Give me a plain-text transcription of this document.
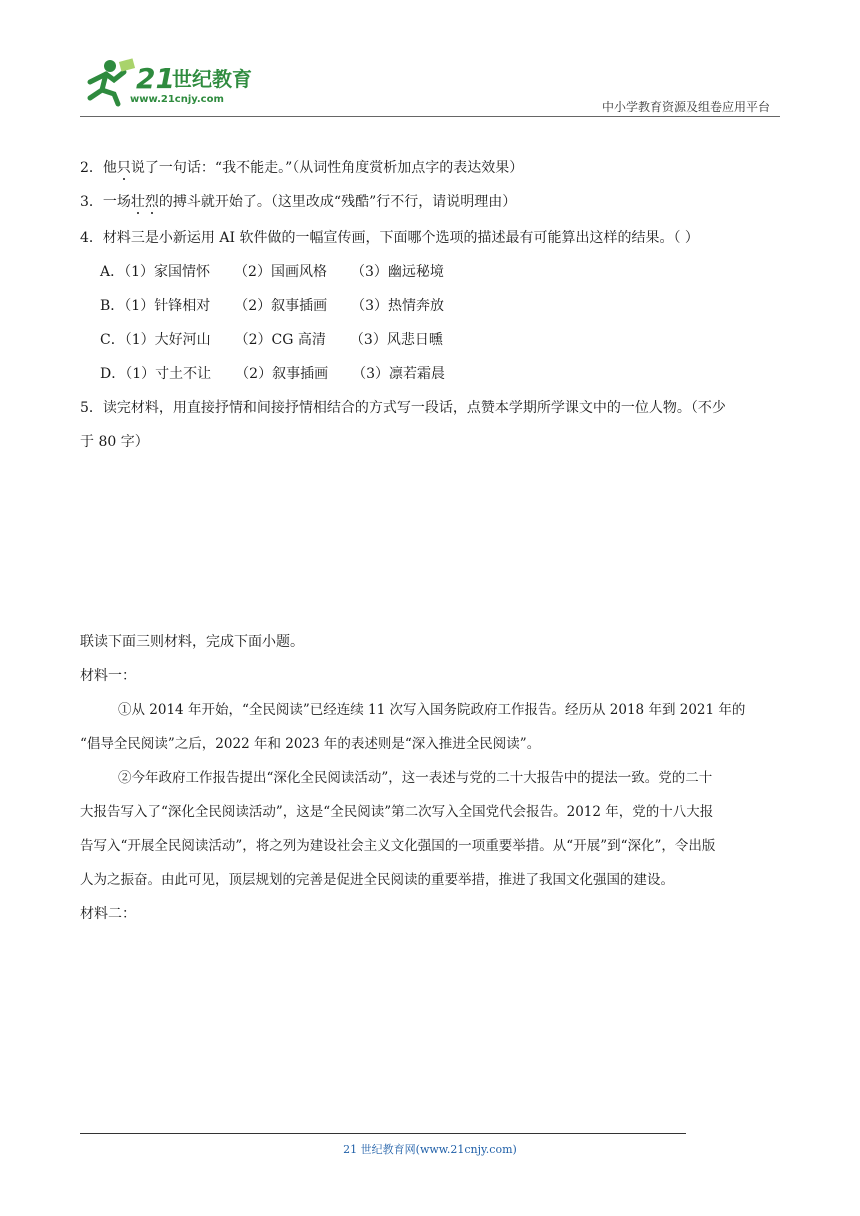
21
世纪教育
www.21cnjy.com
中小学教育资源及组卷应用平台
2．他只说了一句话：“我不能走。”（从词性角度赏析加点字的表达效果）
3．一场壮烈的搏斗就开始了。（这里改成“残酷”行不行，请说明理由）
4．材料三是小新运用 AI 软件做的一幅宣传画，下面哪个选项的描述最有可能算出这样的结果。（ ）
A．（1）家国情怀 （2）国画风格 （3）幽远秘境
B．（1）针锋相对 （2）叙事插画 （3）热情奔放
C．（1）大好河山 （2）CG 高清 （3）风悲日曛
D．（1）寸土不让 （2）叙事插画 （3）凛若霜晨
5．读完材料，用直接抒情和间接抒情相结合的方式写一段话，点赞本学期所学课文中的一位人物。（不少
于 80 字）
联读下面三则材料，完成下面小题。
材料一：
①从 2014 年开始，“全民阅读”已经连续 11 次写入国务院政府工作报告。经历从 2018 年到 2021 年的
“倡导全民阅读”之后，2022 年和 2023 年的表述则是“深入推进全民阅读”。
②今年政府工作报告提出“深化全民阅读活动”，这一表述与党的二十大报告中的提法一致。党的二十
大报告写入了“深化全民阅读活动”，这是“全民阅读”第二次写入全国党代会报告。2012 年，党的十八大报
告写入“开展全民阅读活动”，将之列为建设社会主义文化强国的一项重要举措。从“开展”到“深化”，令出版
人为之振奋。由此可见，顶层规划的完善是促进全民阅读的重要举措，推进了我国文化强国的建设。
材料二：
21 世纪教育网(www.21cnjy.com)
